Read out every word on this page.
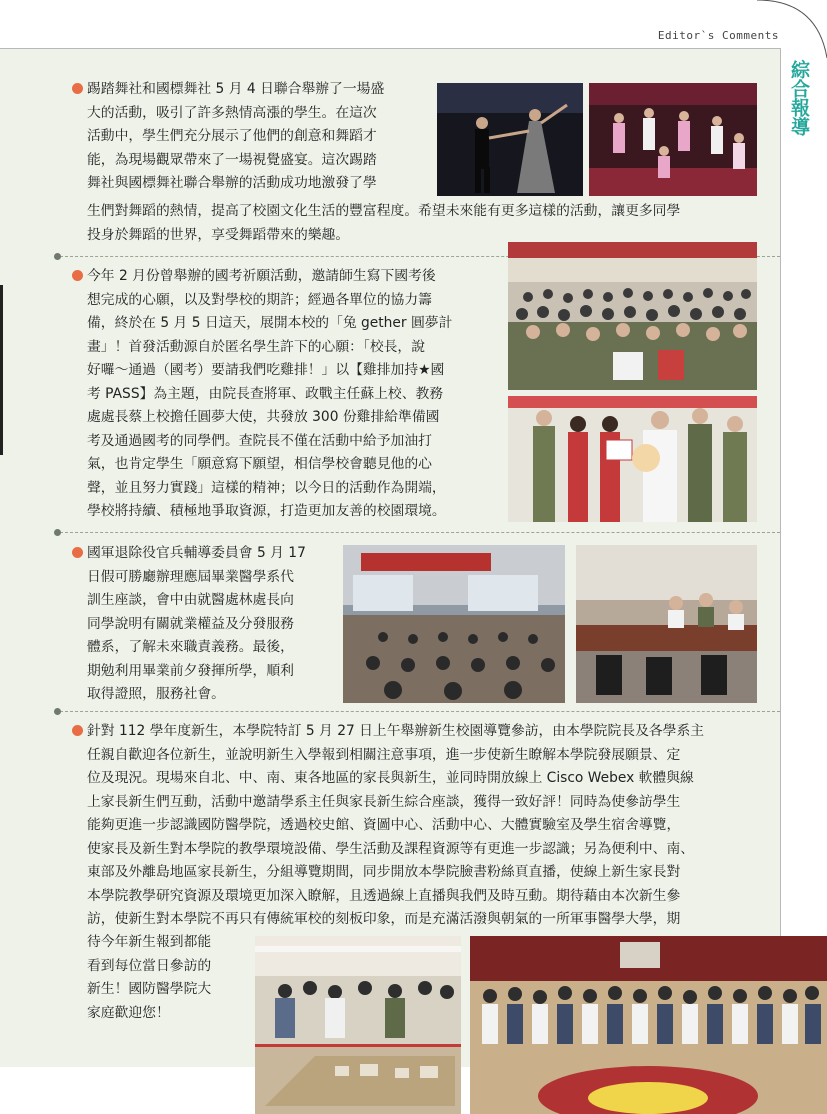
Editor`s Comments
綜合報導
踢踏舞社和國標舞社 5 月 4 日聯合舉辦了一場盛
大的活動，吸引了許多熱情高漲的學生。在這次
活動中，學生們充分展示了他們的創意和舞蹈才
能，為現場觀眾帶來了一場視覺盛宴。這次踢踏
舞社與國標舞社聯合舉辦的活動成功地激發了學
生們對舞蹈的熱情，提高了校園文化生活的豐富程度。希望未來能有更多這樣的活動，讓更多同學
投身於舞蹈的世界，享受舞蹈帶來的樂趣。
今年 2 月份曾舉辦的國考祈願活動，邀請師生寫下國考後
想完成的心願，以及對學校的期許；經過各單位的協力籌
備，終於在 5 月 5 日這天，展開本校的「兔 gether 圓夢計
畫」！首發活動源自於匿名學生許下的心願：「校長，說
好囉～通過（國考）要請我們吃雞排！」以【雞排加持★國
考 PASS】為主題，由院長查將軍、政戰主任蘇上校、教務
處處長蔡上校擔任圓夢大使，共發放 300 份雞排給準備國
考及通過國考的同學們。查院長不僅在活動中給予加油打
氣，也肯定學生「願意寫下願望，相信學校會聽見他的心
聲，並且努力實踐」這樣的精神；以今日的活動作為開端，
學校將持續、積極地爭取資源，打造更加友善的校園環境。
國軍退除役官兵輔導委員會 5 月 17
日假可勝廳辦理應屆畢業醫學系代
訓生座談，會中由就醫處林處長向
同學說明有關就業權益及分發服務
體系，了解未來職責義務。最後，
期勉利用畢業前夕發揮所學，順利
取得證照，服務社會。
針對 112 學年度新生，本學院特訂 5 月 27 日上午舉辦新生校園導覽參訪，由本學院院長及各學系主
任親自歡迎各位新生，並說明新生入學報到相關注意事項，進一步使新生瞭解本學院發展願景、定
位及現況。現場來自北、中、南、東各地區的家長與新生，並同時開放線上 Cisco Webex 軟體與線
上家長新生們互動，活動中邀請學系主任與家長新生綜合座談，獲得一致好評！同時為使參訪學生
能夠更進一步認識國防醫學院，透過校史館、資圖中心、活動中心、大體實驗室及學生宿舍導覽，
使家長及新生對本學院的教學環境設備、學生活動及課程資源等有更進一步認識；另為便利中、南、
東部及外離島地區家長新生，分組導覽期間，同步開放本學院臉書粉絲頁直播，使線上新生家長對
本學院教學研究資源及環境更加深入瞭解，且透過線上直播與我們及時互動。期待藉由本次新生參
訪，使新生對本學院不再只有傳統軍校的刻板印象，而是充滿活潑與朝氣的一所軍事醫學大學，期
待今年新生報到都能
看到每位當日參訪的
新生！國防醫學院大
家庭歡迎您！
